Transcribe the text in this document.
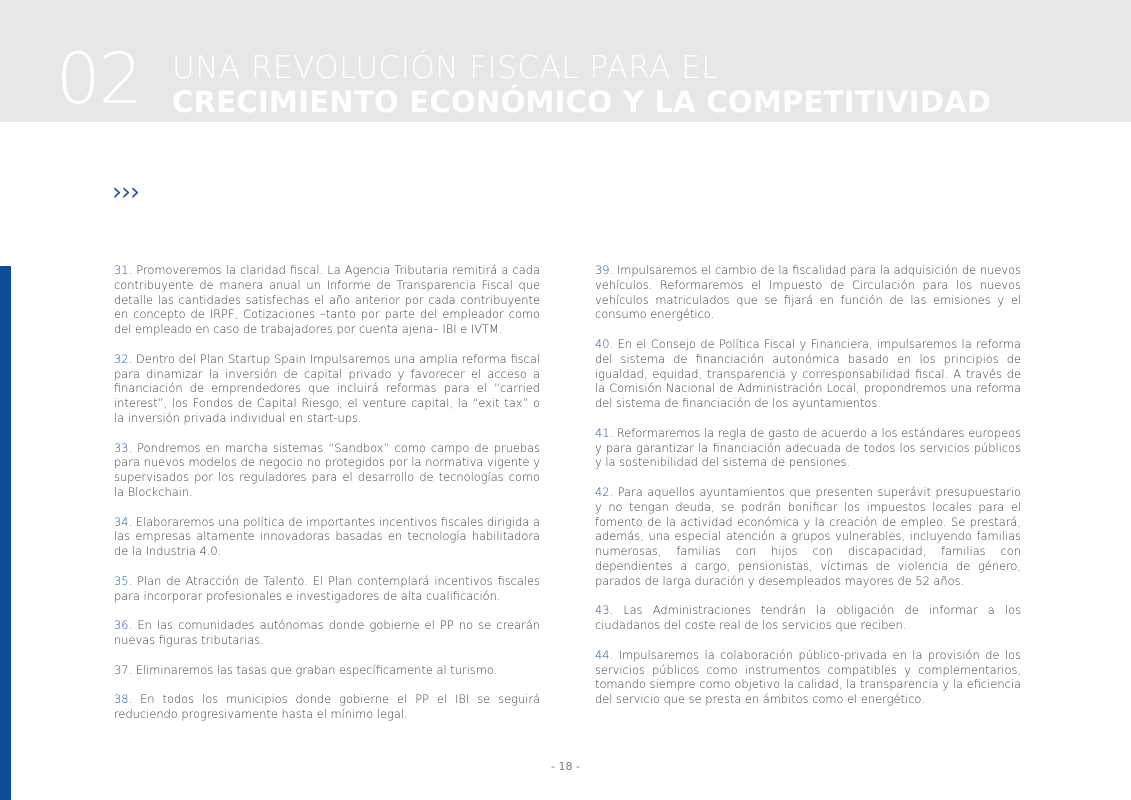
02 UNA REVOLUCIÓN FISCAL PARA EL
CRECIMIENTO ECONÓMICO Y LA COMPETITIVIDAD
›››

31. Promoveremos la claridad fiscal. La Agencia Tributaria remitirá a cada contribuyente de manera anual un Informe de Transparencia Fiscal que detalle las cantidades satisfechas el año anterior por cada contribuyente en concepto de IRPF, Cotizaciones –tanto por parte del empleador como del empleado en caso de trabajadores por cuenta ajena– IBI e IVTM.

32. Dentro del Plan Startup Spain Impulsaremos una amplia reforma fiscal para dinamizar la inversión de capital privado y favorecer el acceso a financiación de emprendedores que incluirá reformas para el “carried interest”, los Fondos de Capital Riesgo, el venture capital, la “exit tax” o la inversión privada individual en start-ups.

33. Pondremos en marcha sistemas “Sandbox” como campo de pruebas para nuevos modelos de negocio no protegidos por la normativa vigente y supervisados por los reguladores para el desarrollo de tecnologías como la Blockchain.

34. Elaboraremos una política de importantes incentivos fiscales dirigida a las empresas altamente innovadoras basadas en tecnología habilitadora de la Industria 4.0.

35. Plan de Atracción de Talento. El Plan contemplará incentivos fiscales para incorporar profesionales e investigadores de alta cualificación.

36. En las comunidades autónomas donde gobierne el PP no se crearán nuevas figuras tributarias.

37. Eliminaremos las tasas que graban específicamente al turismo.

38. En todos los municipios donde gobierne el PP el IBI se seguirá reduciendo progresivamente hasta el mínimo legal.

39. Impulsaremos el cambio de la fiscalidad para la adquisición de nuevos vehículos. Reformaremos el Impuesto de Circulación para los nuevos vehículos matriculados que se fijará en función de las emisiones y el consumo energético.

40. En el Consejo de Política Fiscal y Financiera, impulsaremos la reforma del sistema de financiación autonómica basado en los principios de igualdad, equidad, transparencia y corresponsabilidad fiscal. A través de la Comisión Nacional de Administración Local, propondremos una reforma del sistema de financiación de los ayuntamientos.

41. Reformaremos la regla de gasto de acuerdo a los estándares europeos y para garantizar la financiación adecuada de todos los servicios públicos y la sostenibilidad del sistema de pensiones.

42. Para aquellos ayuntamientos que presenten superávit presupuestario y no tengan deuda, se podrán bonificar los impuestos locales para el fomento de la actividad económica y la creación de empleo. Se prestará, además, una especial atención a grupos vulnerables, incluyendo familias numerosas, familias con hijos con discapacidad, familias con dependientes a cargo, pensionistas, víctimas de violencia de género, parados de larga duración y desempleados mayores de 52 años.

43. Las Administraciones tendrán la obligación de informar a los ciudadanos del coste real de los servicios que reciben.

44. Impulsaremos la colaboración público-privada en la provisión de los servicios públicos como instrumentos compatibles y complementarios, tomando siempre como objetivo la calidad, la transparencia y la eficiencia del servicio que se presta en ámbitos como el energético.

- 18 -
